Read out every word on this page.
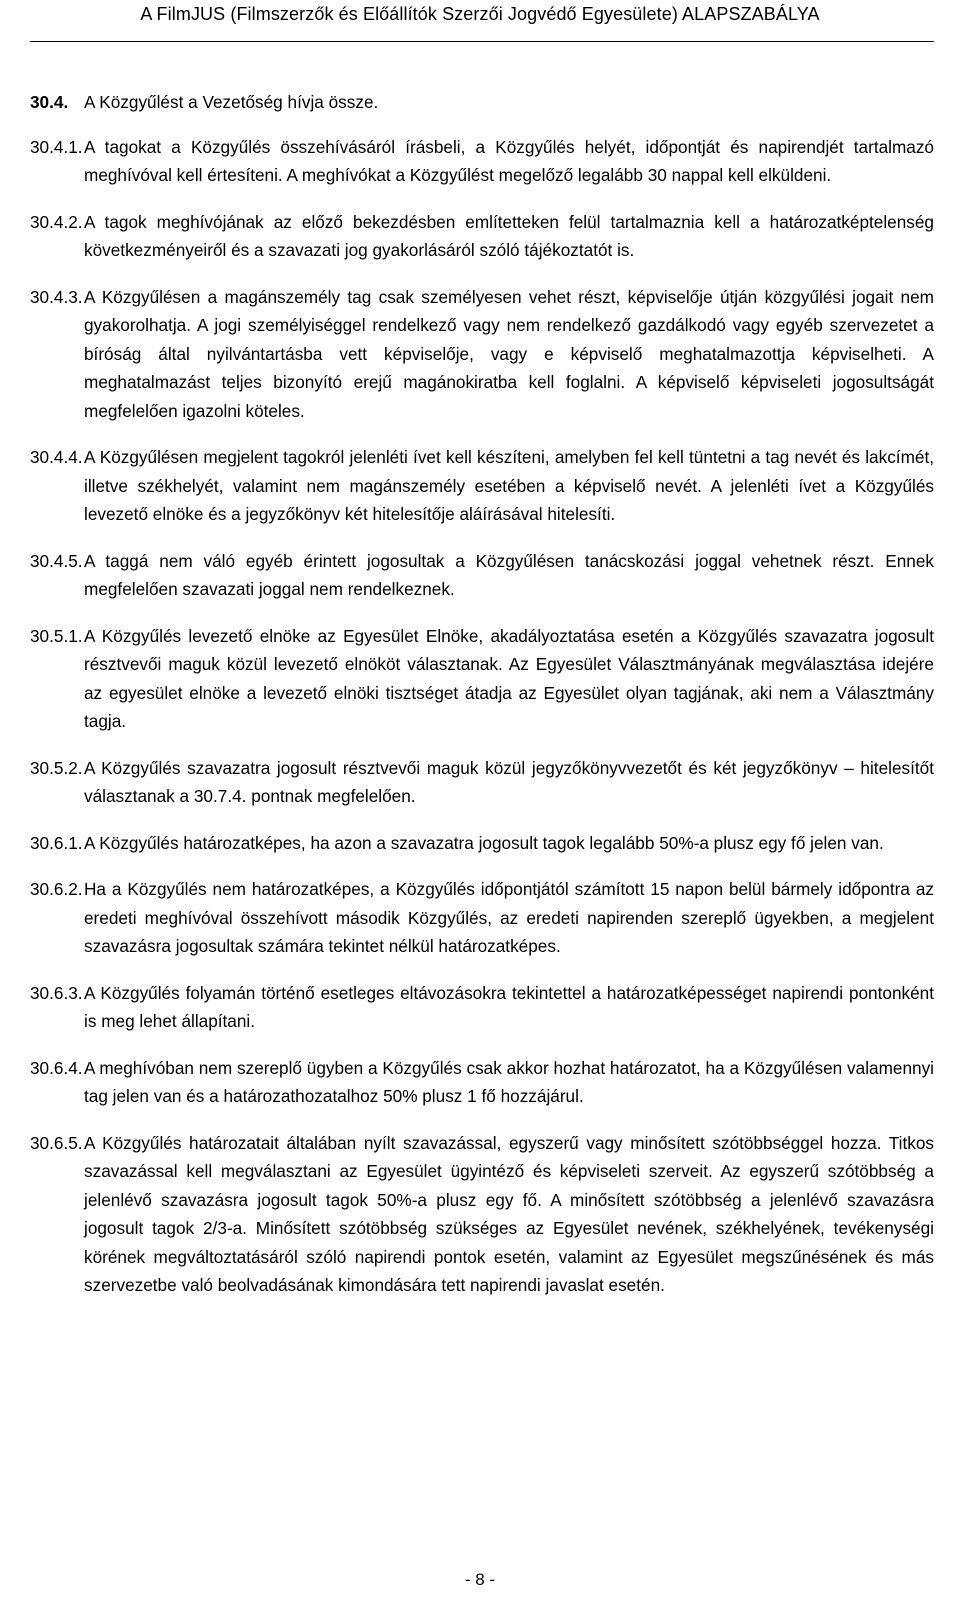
A FilmJUS (Filmszerzők és Előállítók Szerzői Jogvédő Egyesülete) ALAPSZABÁLYA
30.4. A Közgyűlést a Vezetőség hívja össze.
30.4.1. A tagokat a Közgyűlés összehívásáról írásbeli, a Közgyűlés helyét, időpontját és napirendjét tartalmazó meghívóval kell értesíteni. A meghívókat a Közgyűlést megelőző legalább 30 nappal kell elküldeni.
30.4.2. A tagok meghívójának az előző bekezdésben említetteken felül tartalmaznia kell a határozatképtelenség következményeiről és a szavazati jog gyakorlásáról szóló tájékoztatót is.
30.4.3. A Közgyűlésen a magánszemély tag csak személyesen vehet részt, képviselője útján közgyűlési jogait nem gyakorolhatja. A jogi személyiséggel rendelkező vagy nem rendelkező gazdálkodó vagy egyéb szervezetet a bíróság által nyilvántartásba vett képviselője, vagy e képviselő meghatalmazottja képviselheti. A meghatalmazást teljes bizonyító erejű magánokiratba kell foglalni. A képviselő képviseleti jogosultságát megfelelően igazolni köteles.
30.4.4. A Közgyűlésen megjelent tagokról jelenléti ívet kell készíteni, amelyben fel kell tüntetni a tag nevét és lakcímét, illetve székhelyét, valamint nem magánszemély esetében a képviselő nevét. A jelenléti ívet a Közgyűlés levezető elnöke és a jegyzőkönyv két hitelesítője aláírásával hitelesíti.
30.4.5. A taggá nem váló egyéb érintett jogosultak a Közgyűlésen tanácskozási joggal vehetnek részt. Ennek megfelelően szavazati joggal nem rendelkeznek.
30.5.1. A Közgyűlés levezető elnöke az Egyesület Elnöke, akadályoztatása esetén a Közgyűlés szavazatra jogosult résztvevői maguk közül levezető elnököt választanak. Az Egyesület Választmányának megválasztása idejére az egyesület elnöke a levezető elnöki tisztséget átadja az Egyesület olyan tagjának, aki nem a Választmány tagja.
30.5.2. A Közgyűlés szavazatra jogosult résztvevői maguk közül jegyzőkönyvvezetőt és két jegyzőkönyv – hitelesítőt választanak a 30.7.4. pontnak megfelelően.
30.6.1. A Közgyűlés határozatképes, ha azon a szavazatra jogosult tagok legalább 50%-a plusz egy fő jelen van.
30.6.2. Ha a Közgyűlés nem határozatképes, a Közgyűlés időpontjától számított 15 napon belül bármely időpontra az eredeti meghívóval összehívott második Közgyűlés, az eredeti napirenden szereplő ügyekben, a megjelent szavazásra jogosultak számára tekintet nélkül határozatképes.
30.6.3. A Közgyűlés folyamán történő esetleges eltávozásokra tekintettel a határozatképességet napirendi pontonként is meg lehet állapítani.
30.6.4. A meghívóban nem szereplő ügyben a Közgyűlés csak akkor hozhat határozatot, ha a Közgyűlésen valamennyi tag jelen van és a határozathozatalhoz 50% plusz 1 fő hozzájárul.
30.6.5. A Közgyűlés határozatait általában nyílt szavazással, egyszerű vagy minősített szótöbbséggel hozza. Titkos szavazással kell megválasztani az Egyesület ügyintéző és képviseleti szerveit. Az egyszerű szótöbbség a jelenlévő szavazásra jogosult tagok 50%-a plusz egy fő. A minősített szótöbbség a jelenlévő szavazásra jogosult tagok 2/3-a. Minősített szótöbbség szükséges az Egyesület nevének, székhelyének, tevékenységi körének megváltoztatásáról szóló napirendi pontok esetén, valamint az Egyesület megszűnésének és más szervezetbe való beolvadásának kimondására tett napirendi javaslat esetén.
- 8 -
